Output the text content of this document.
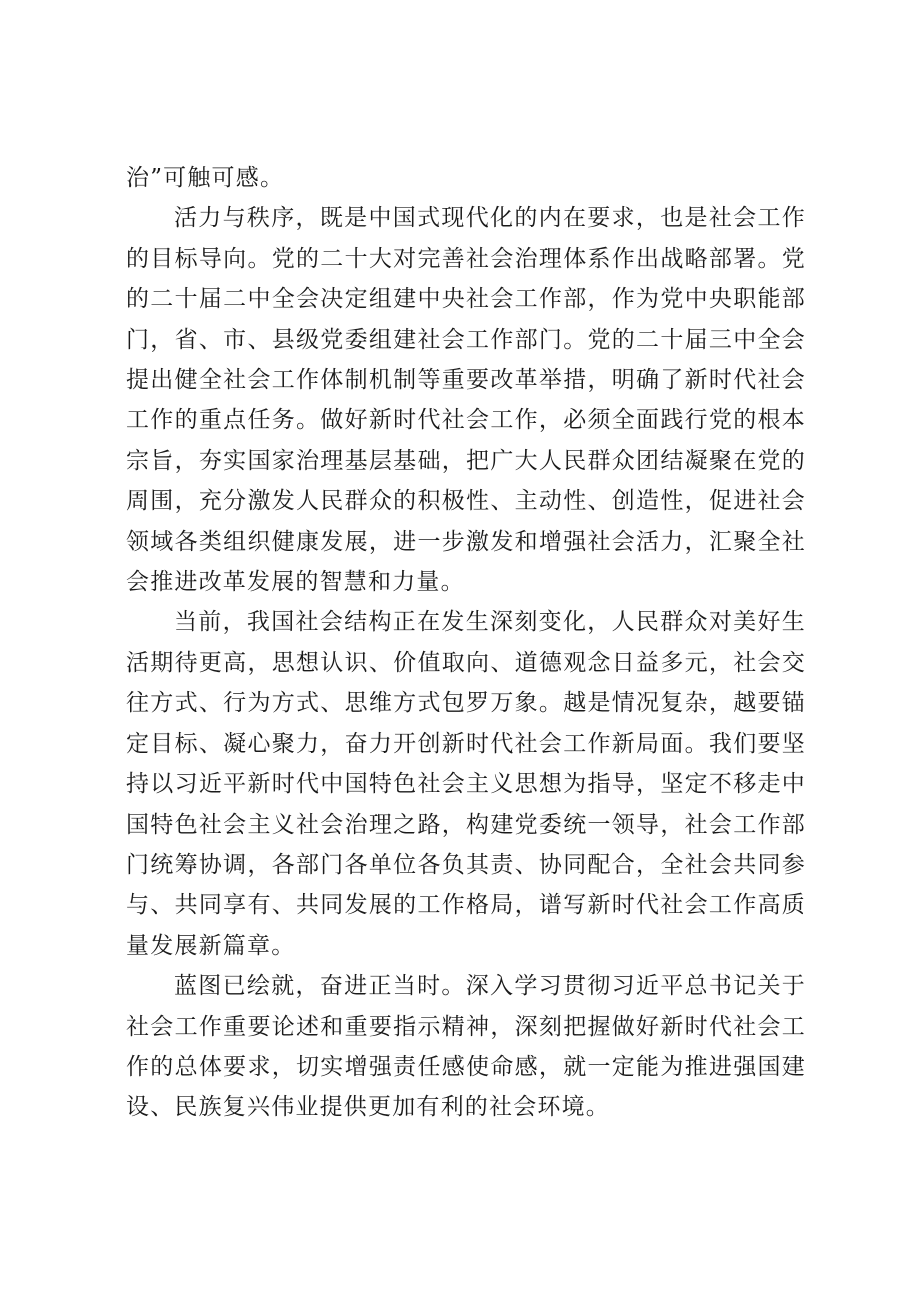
治”可触可感。

活力与秩序，既是中国式现代化的内在要求，也是社会工作的目标导向。党的二十大对完善社会治理体系作出战略部署。党的二十届二中全会决定组建中央社会工作部，作为党中央职能部门，省、市、县级党委组建社会工作部门。党的二十届三中全会提出健全社会工作体制机制等重要改革举措，明确了新时代社会工作的重点任务。做好新时代社会工作，必须全面践行党的根本宗旨，夯实国家治理基层基础，把广大人民群众团结凝聚在党的周围，充分激发人民群众的积极性、主动性、创造性，促进社会领域各类组织健康发展，进一步激发和增强社会活力，汇聚全社会推进改革发展的智慧和力量。

当前，我国社会结构正在发生深刻变化，人民群众对美好生活期待更高，思想认识、价值取向、道德观念日益多元，社会交往方式、行为方式、思维方式包罗万象。越是情况复杂，越要锚定目标、凝心聚力，奋力开创新时代社会工作新局面。我们要坚持以习近平新时代中国特色社会主义思想为指导，坚定不移走中国特色社会主义社会治理之路，构建党委统一领导，社会工作部门统筹协调，各部门各单位各负其责、协同配合，全社会共同参与、共同享有、共同发展的工作格局，谱写新时代社会工作高质量发展新篇章。

蓝图已绘就，奋进正当时。深入学习贯彻习近平总书记关于社会工作重要论述和重要指示精神，深刻把握做好新时代社会工作的总体要求，切实增强责任感使命感，就一定能为推进强国建设、民族复兴伟业提供更加有利的社会环境。
